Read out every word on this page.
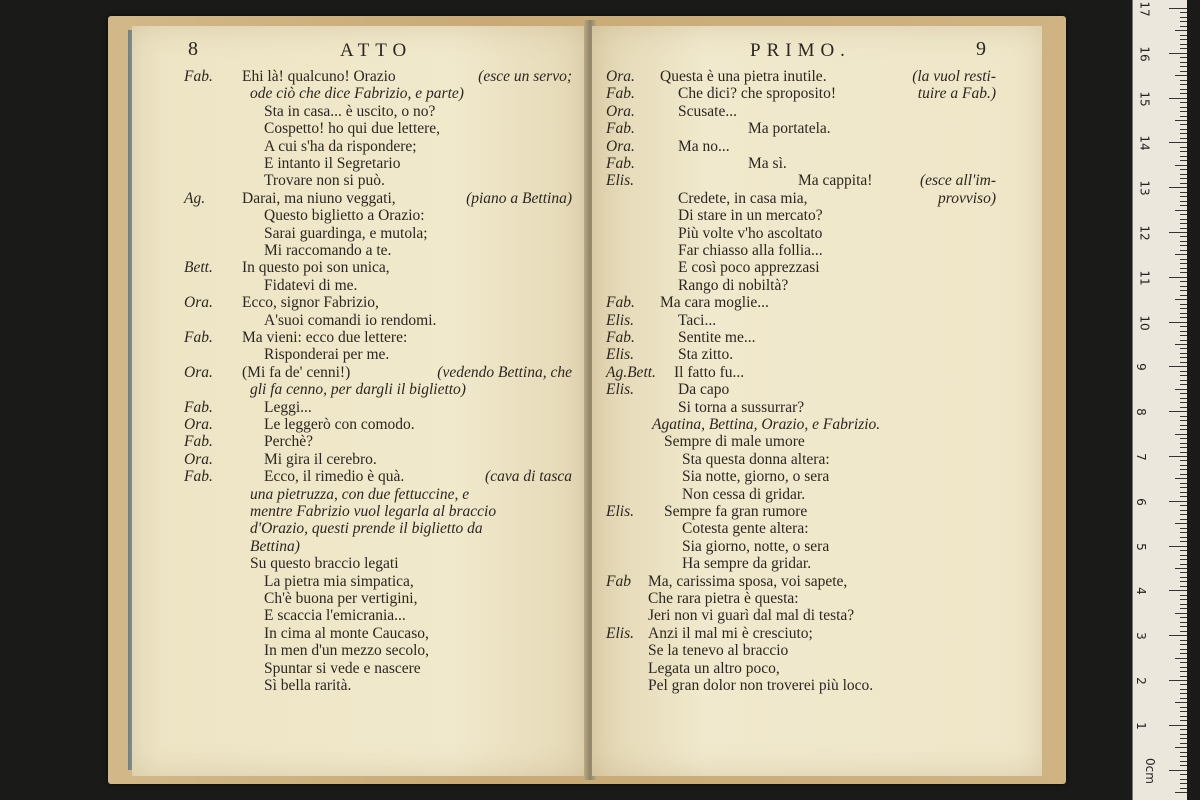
8	ATTO
Fab. Ehi là! qualcuno! Orazio	(esce un servo;
ode ciò che dice Fabrizio, e parte)
Sta in casa... è uscito, o no?
Cospetto! ho qui due lettere,
A cui s'ha da rispondere;
E intanto il Segretario
Trovare non si può.
Ag. Darai, ma niuno veggati,	(piano a Bettina)
Questo biglietto a Orazio:
Sarai guardinga, e mutola;
Mi raccomando a te.
Bett. In questo poi son unica,
Fidatevi di me.
Ora. Ecco, signor Fabrizio,
A'suoi comandi io rendomi.
Fab. Ma vieni: ecco due lettere:
Risponderai per me.
Ora. (Mi fa de' cenni!)	(vedendo Bettina, che
gli fa cenno, per dargli il biglietto)
Fab.	Leggi...
Ora.	Le leggerò con comodo.
Fab.	Perchè?
Ora.	Mi gira il cerebro.
Fab.	Ecco, il rimedio è quà.	(cava di tasca
una pietruzza, con due fettuccine, e
mentre Fabrizio vuol legarla al braccio
d'Orazio, questi prende il biglietto da
Bettina)
Su questo braccio legati
La pietra mia simpatica,
Ch'è buona per vertigini,
E scaccia l'emicrania...
In cima al monte Caucaso,
In men d'un mezzo secolo,
Spuntar si vede e nascere
Sì bella rarità.
PRIMO.	9
Ora. Questa è una pietra inutile.	(la vuol resti-
Fab.	Che dici? che sproposito!	tuire a Fab.)
Ora.	Scusate...
Fab.	Ma portatela.
Ora.	Ma no...
Fab.	Ma sì.
Elis.	Ma cappita!	(esce all'im-
Credete, in casa mia,	provviso)
Di stare in un mercato?
Più volte v'ho ascoltato
Far chiasso alla follia...
E così poco apprezzasi
Rango di nobiltà?
Fab. Ma cara moglie...
Elis.	Taci...
Fab.	Sentite me...
Elis.	Sta zitto.
Ag.Bett. Il fatto fu...
Elis.	Da capo
Si torna a sussurrar?
Agatina, Bettina, Orazio, e Fabrizio.
Sempre di male umore
Sta questa donna altera:
Sia notte, giorno, o sera
Non cessa di gridar.
Elis. Sempre fa gran rumore
Cotesta gente altera:
Sia giorno, notte, o sera
Ha sempre da gridar.
Fab Ma, carissima sposa, voi sapete,
Che rara pietra è questa:
Jeri non vi guarì dal mal di testa?
Elis. Anzi il mal mi è cresciuto;
Se la tenevo al braccio
Legata un altro poco,
Pel gran dolor non troverei più loco.
17
16
15
14
13
12
11
10
9
8
7
6
5
4
3
2
1
0cm
